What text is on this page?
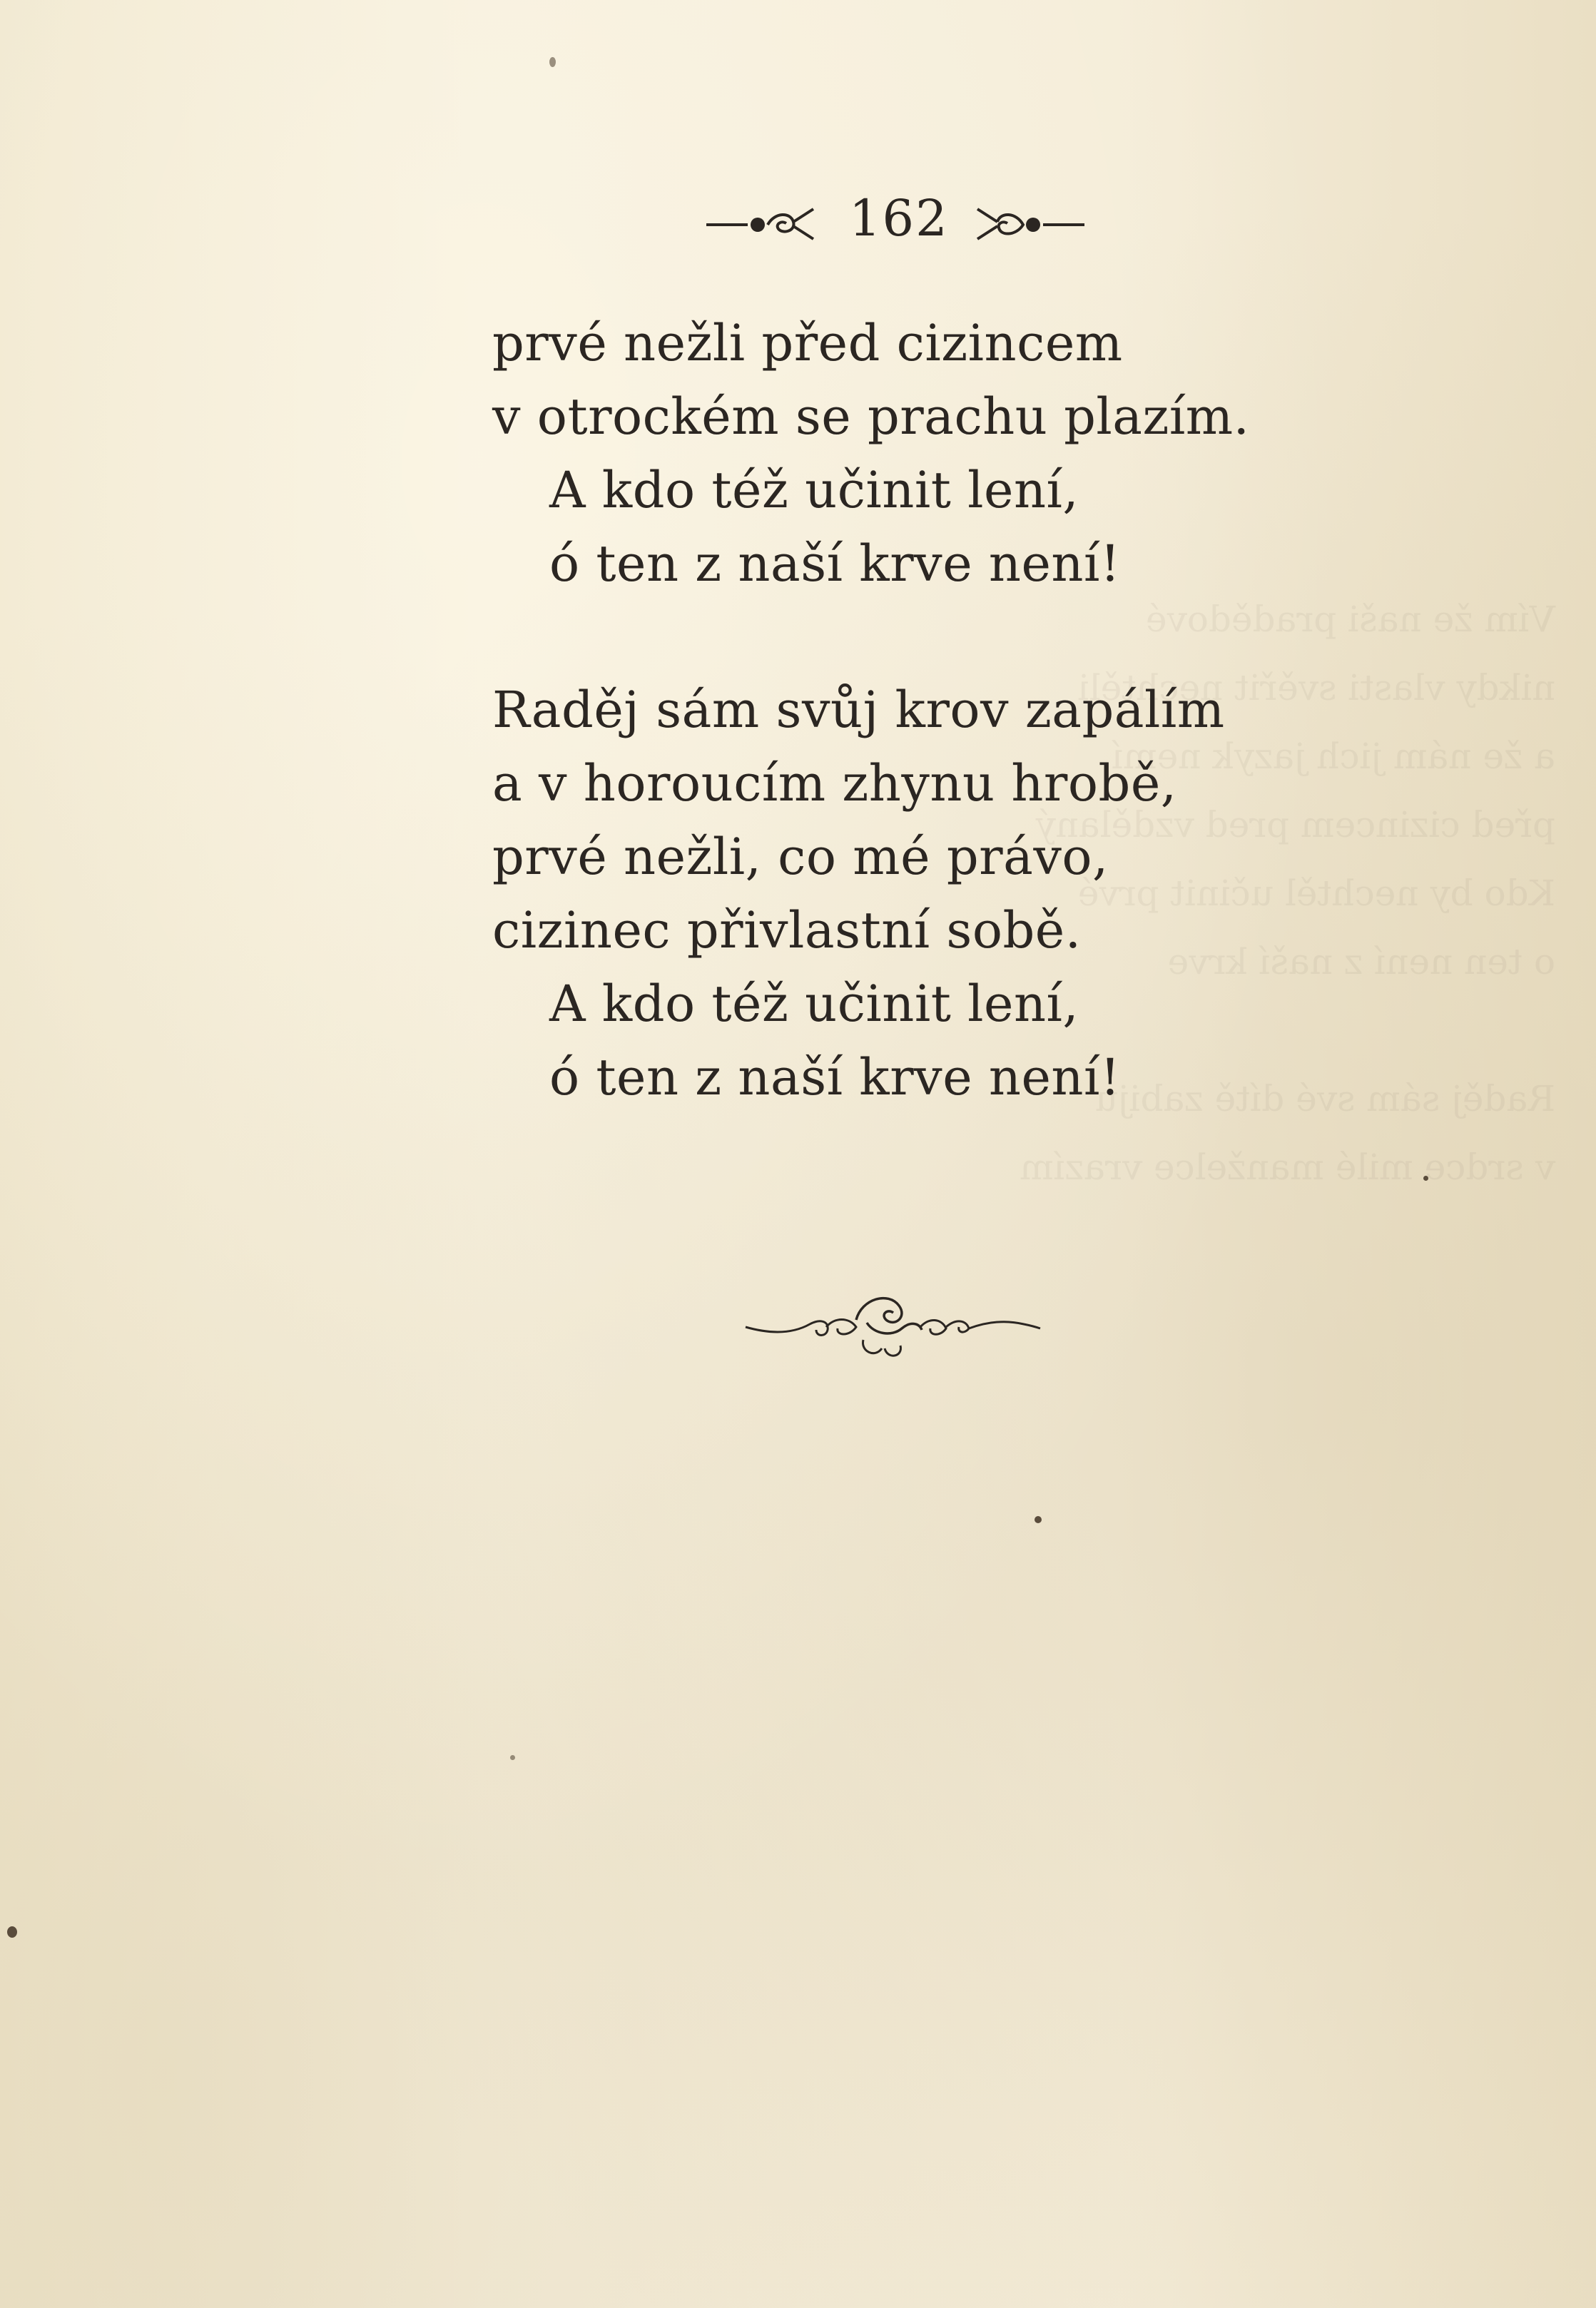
Vím že naši pradědové
nikdy vlasti svěřit nechtěli
a že nám jich jazyk nemí
před cizincem pred vzdělaný
Kdo by nechtěl učinit prvé
o ten není z naší krve

Raděj sám své dítě zabiju
v srdce milé manželce vrazím
162
prvé nežli před cizincem
v otrockém se prachu plazím.
A kdo též učinit lení,
ó ten z naší krve není!
Raděj sám svůj krov zapálím
a v horoucím zhynu hrobě,
prvé nežli, co mé právo,
cizinec přivlastní sobě.
A kdo též učinit lení,
ó ten z naší krve není!
